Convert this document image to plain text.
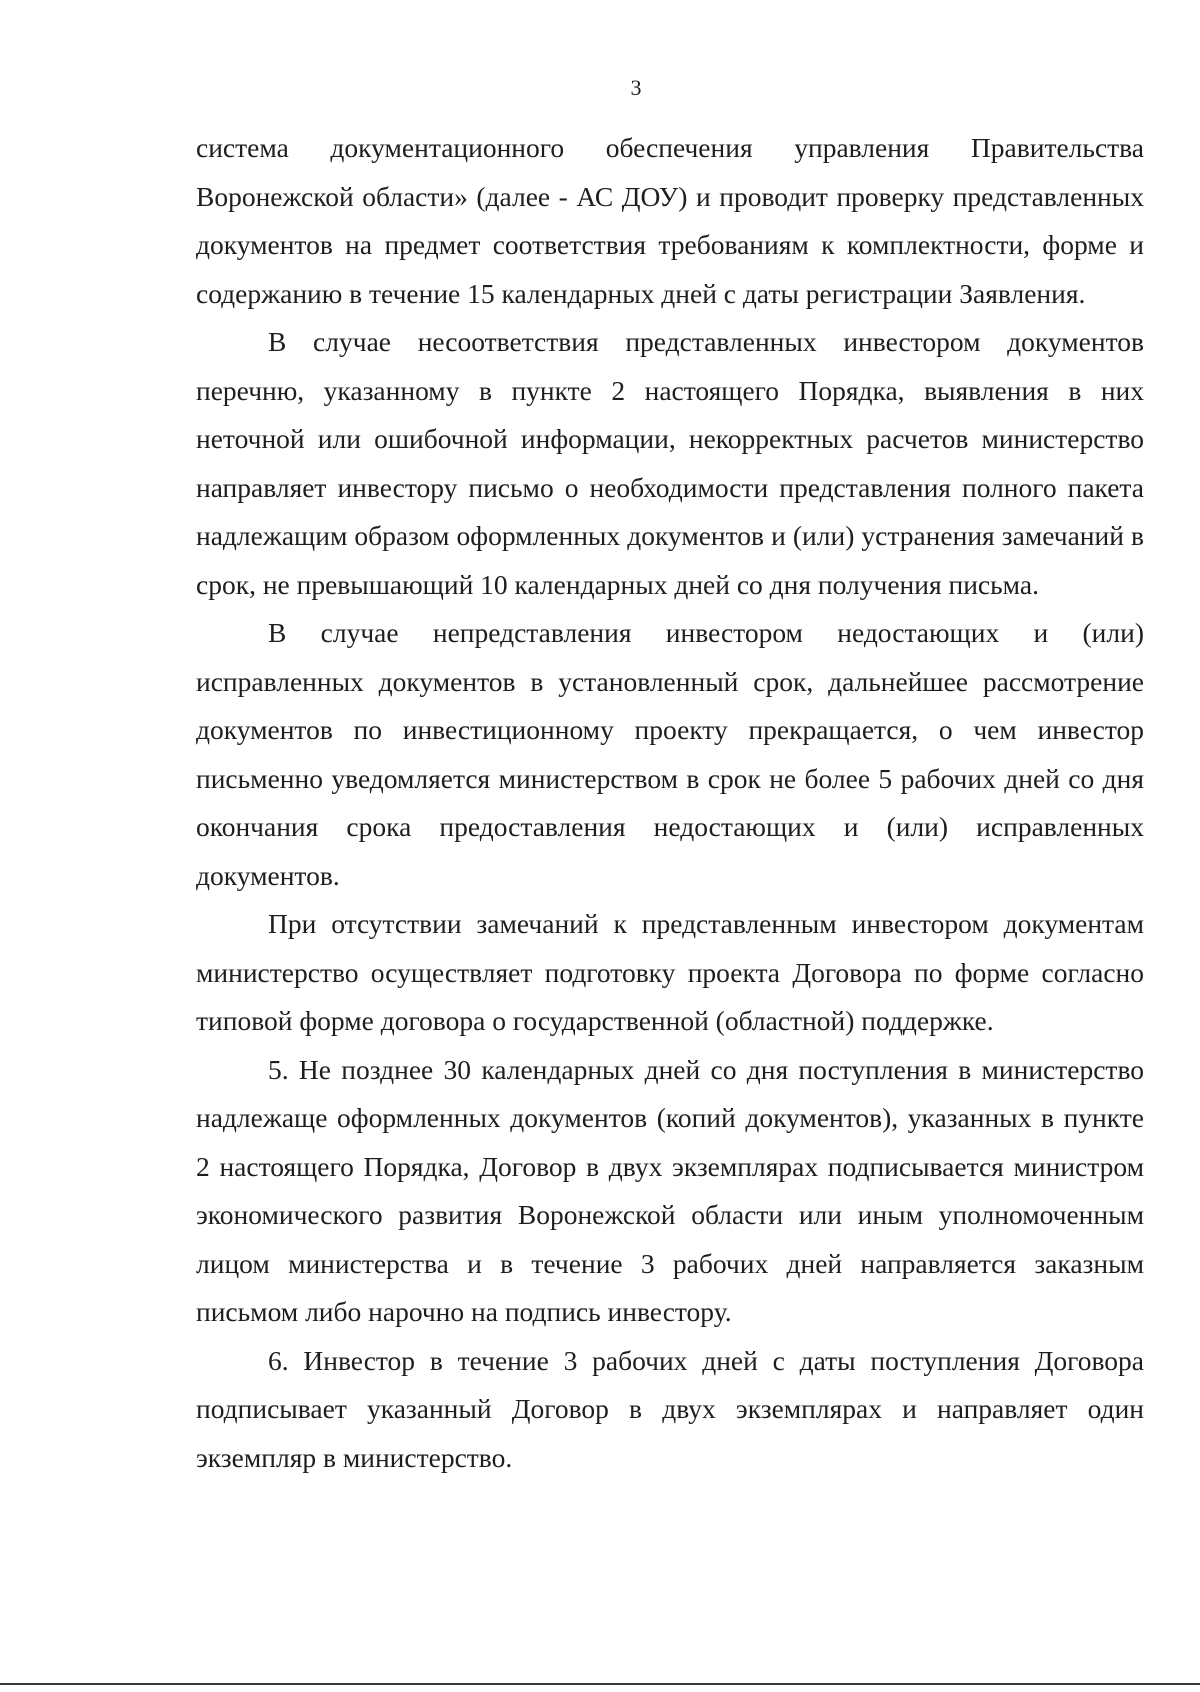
3

система документационного обеспечения управления Правительства Воронежской области» (далее - АС ДОУ) и проводит проверку представленных документов на предмет соответствия требованиям к комплектности, форме и содержанию в течение 15 календарных дней с даты регистрации Заявления.

В случае несоответствия представленных инвестором документов перечню, указанному в пункте 2 настоящего Порядка, выявления в них неточной или ошибочной информации, некорректных расчетов министерство направляет инвестору письмо о необходимости представления полного пакета надлежащим образом оформленных документов и (или) устранения замечаний в срок, не превышающий 10 календарных дней со дня получения письма.

В случае непредставления инвестором недостающих и (или) исправленных документов в установленный срок, дальнейшее рассмотрение документов по инвестиционному проекту прекращается, о чем инвестор письменно уведомляется министерством в срок не более 5 рабочих дней со дня окончания срока предоставления недостающих и (или) исправленных документов.

При отсутствии замечаний к представленным инвестором документам министерство осуществляет подготовку проекта Договора по форме согласно типовой форме договора о государственной (областной) поддержке.

5. Не позднее 30 календарных дней со дня поступления в министерство надлежаще оформленных документов (копий документов), указанных в пункте 2 настоящего Порядка, Договор в двух экземплярах подписывается министром экономического развития Воронежской области или иным уполномоченным лицом министерства и в течение 3 рабочих дней направляется заказным письмом либо нарочно на подпись инвестору.

6. Инвестор в течение 3 рабочих дней с даты поступления Договора подписывает указанный Договор в двух экземплярах и направляет один экземпляр в министерство.
